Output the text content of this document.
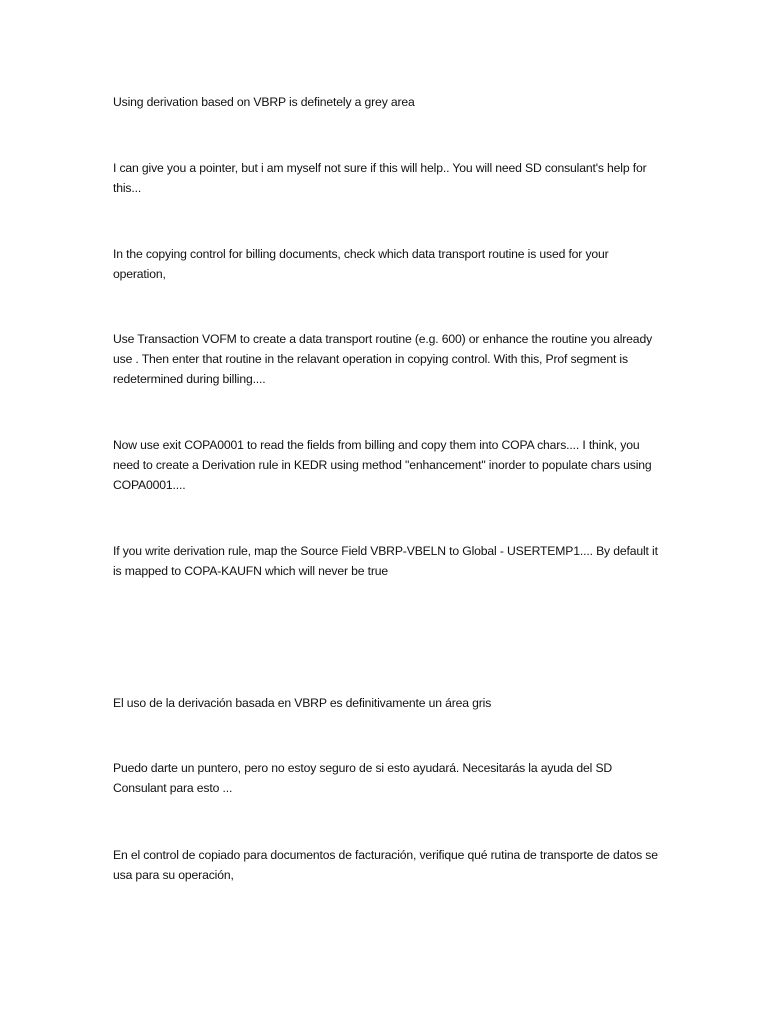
Using derivation based on VBRP is definetely a grey area

I can give you a pointer, but i am myself not sure if this will help.. You will need SD consulant's help for this...

In the copying control for billing documents, check which data transport routine is used for your operation,

Use Transaction VOFM to create a data transport routine (e.g. 600) or enhance the routine you already use . Then enter that routine in the relavant operation in copying control. With this, Prof segment is redetermined during billing....

Now use exit COPA0001 to read the fields from billing and copy them into COPA chars.... I think, you need to create a Derivation rule in KEDR using method "enhancement" inorder to populate chars using COPA0001....

If you write derivation rule, map the Source Field VBRP-VBELN to Global - USERTEMP1.... By default it is mapped to COPA-KAUFN which will never be true

El uso de la derivación basada en VBRP es definitivamente un área gris

Puedo darte un puntero, pero no estoy seguro de si esto ayudará. Necesitarás la ayuda del SD Consulant para esto ...

En el control de copiado para documentos de facturación, verifique qué rutina de transporte de datos se usa para su operación,
